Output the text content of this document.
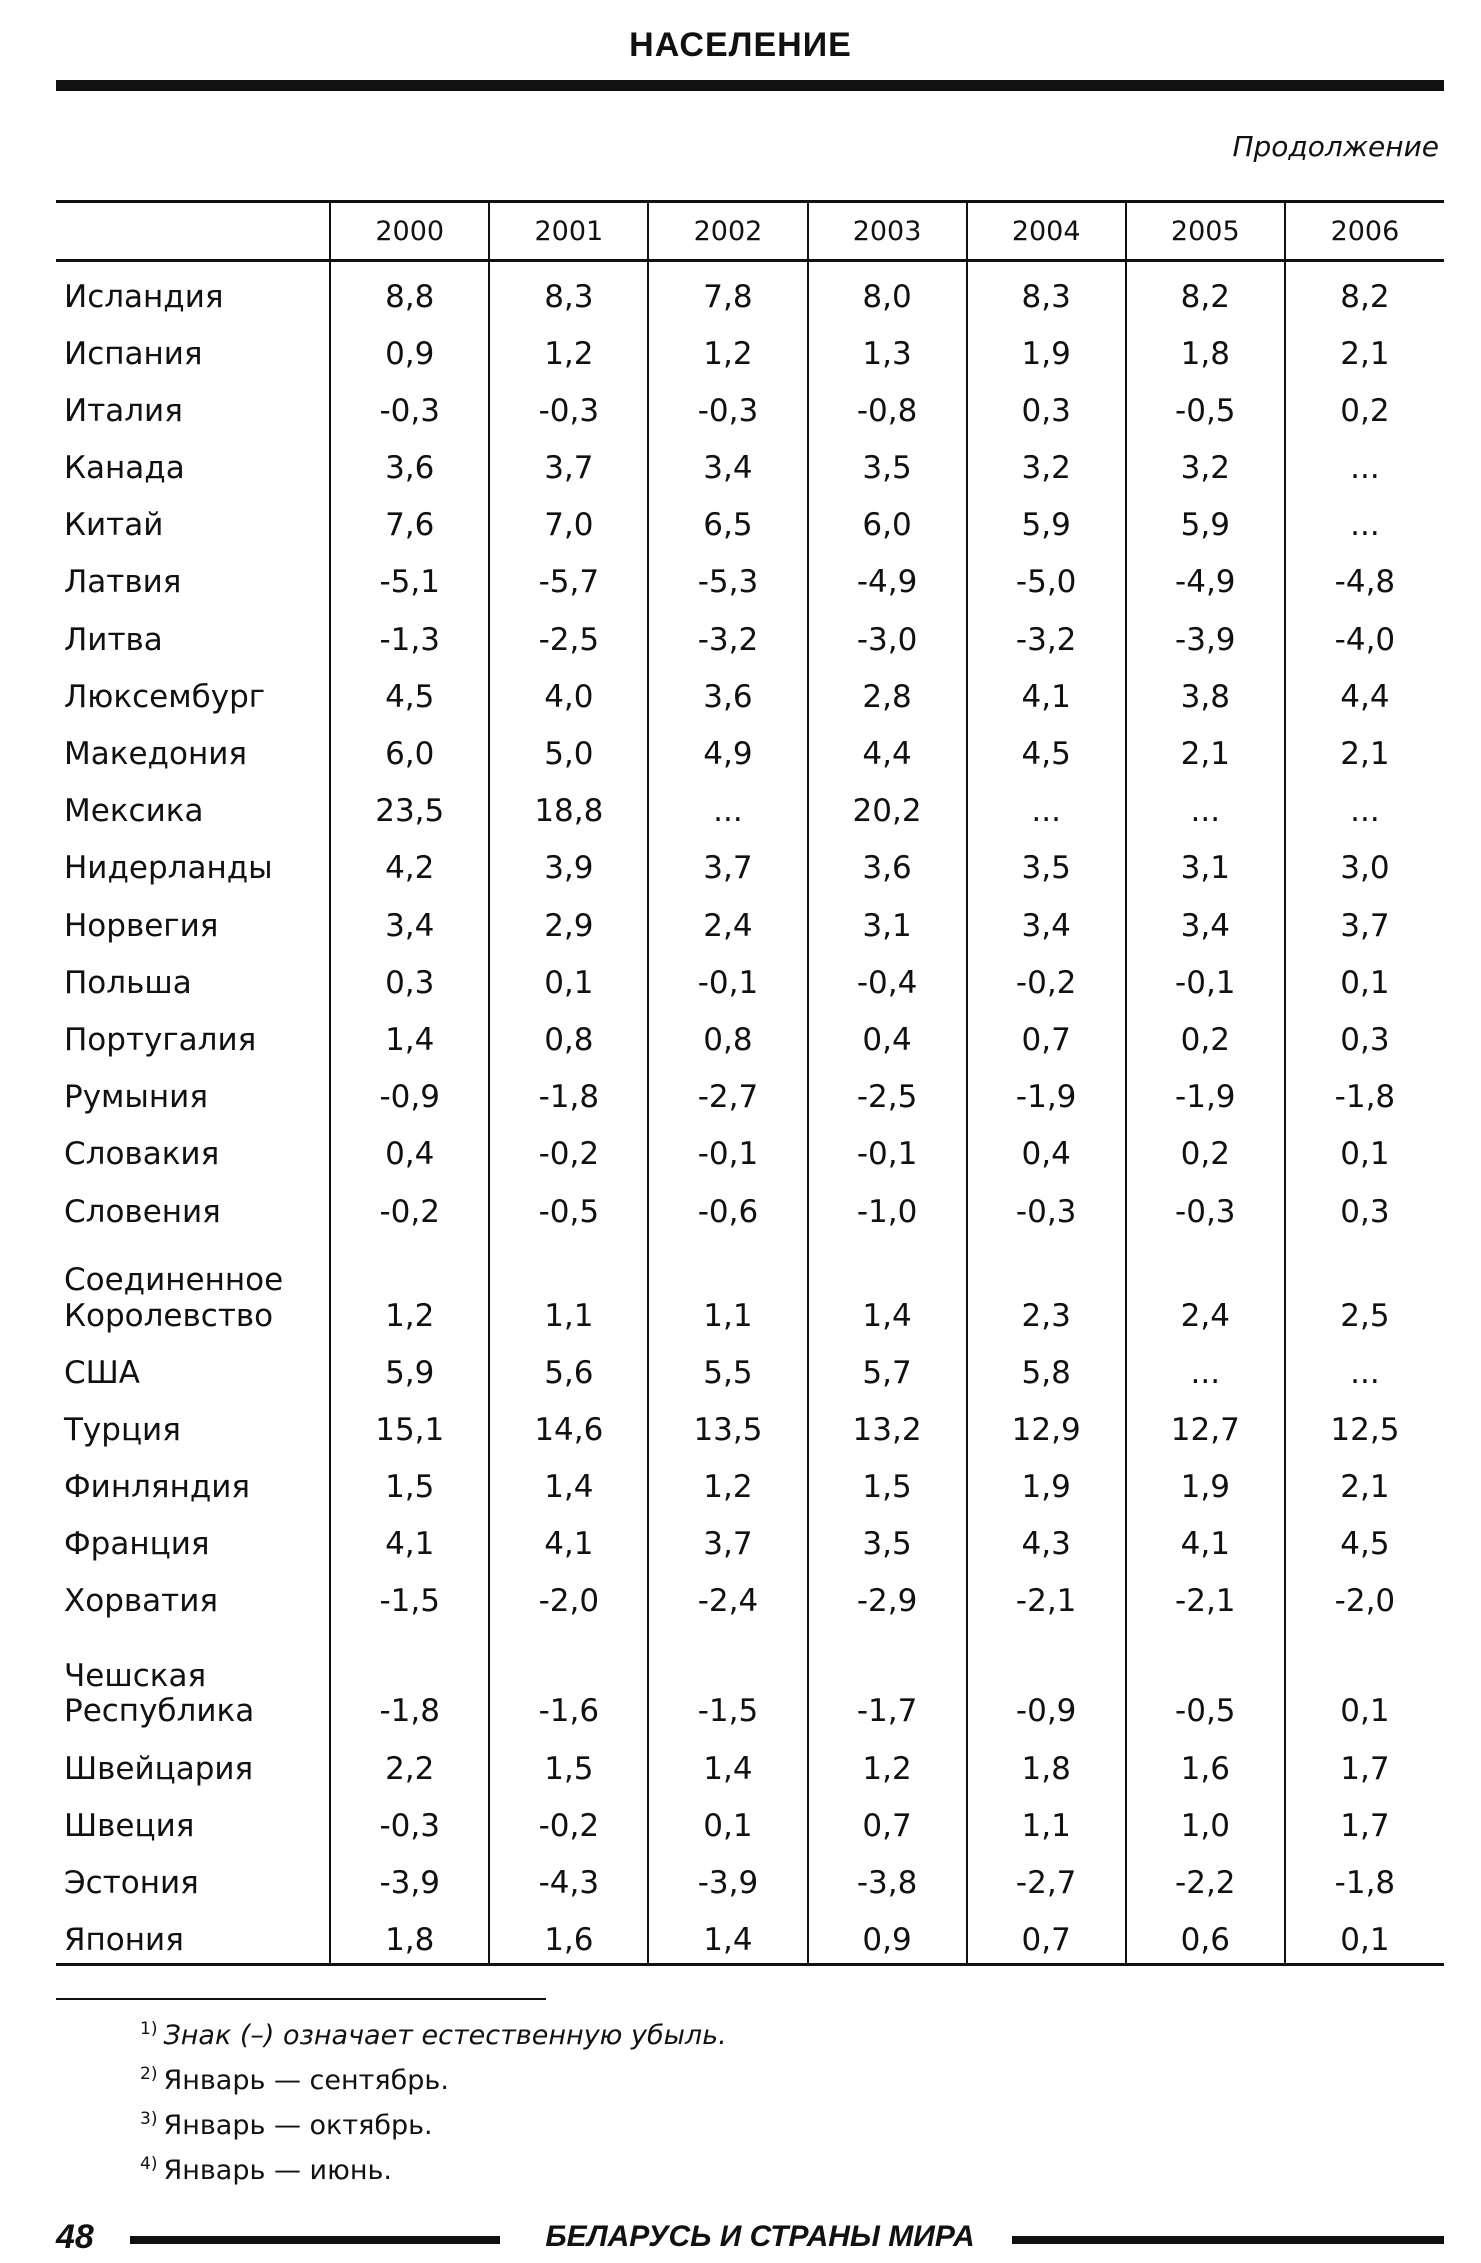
НАСЕЛЕНИЕ
Продолжение
	2000	2001	2002	2003	2004	2005	2006
Исландия	8,8	8,3	7,8	8,0	8,3	8,2	8,2
Испания	0,9	1,2	1,2	1,3	1,9	1,8	2,1
Италия	-0,3	-0,3	-0,3	-0,8	0,3	-0,5	0,2
Канада	3,6	3,7	3,4	3,5	3,2	3,2	...
Китай	7,6	7,0	6,5	6,0	5,9	5,9	...
Латвия	-5,1	-5,7	-5,3	-4,9	-5,0	-4,9	-4,8
Литва	-1,3	-2,5	-3,2	-3,0	-3,2	-3,9	-4,0
Люксембург	4,5	4,0	3,6	2,8	4,1	3,8	4,4
Македония	6,0	5,0	4,9	4,4	4,5	2,1	2,1
Мексика	23,5	18,8	...	20,2	...	...	...
Нидерланды	4,2	3,9	3,7	3,6	3,5	3,1	3,0
Норвегия	3,4	2,9	2,4	3,1	3,4	3,4	3,7
Польша	0,3	0,1	-0,1	-0,4	-0,2	-0,1	0,1
Португалия	1,4	0,8	0,8	0,4	0,7	0,2	0,3
Румыния	-0,9	-1,8	-2,7	-2,5	-1,9	-1,9	-1,8
Словакия	0,4	-0,2	-0,1	-0,1	0,4	0,2	0,1
Словения	-0,2	-0,5	-0,6	-1,0	-0,3	-0,3	0,3
Соединенное
Королевство	1,2	1,1	1,1	1,4	2,3	2,4	2,5
США	5,9	5,6	5,5	5,7	5,8	...	...
Турция	15,1	14,6	13,5	13,2	12,9	12,7	12,5
Финляндия	1,5	1,4	1,2	1,5	1,9	1,9	2,1
Франция	4,1	4,1	3,7	3,5	4,3	4,1	4,5
Хорватия	-1,5	-2,0	-2,4	-2,9	-2,1	-2,1	-2,0
Чешская
Республика	-1,8	-1,6	-1,5	-1,7	-0,9	-0,5	0,1
Швейцария	2,2	1,5	1,4	1,2	1,8	1,6	1,7
Швеция	-0,3	-0,2	0,1	0,7	1,1	1,0	1,7
Эстония	-3,9	-4,3	-3,9	-3,8	-2,7	-2,2	-1,8
Япония	1,8	1,6	1,4	0,9	0,7	0,6	0,1
$^{1)}$ Знак (–) означает естественную убыль.
$^{2)}$ Январь — сентябрь.
$^{3)}$ Январь — октябрь.
$^{4)}$ Январь — июнь.
48	БЕЛАРУСЬ И СТРАНЫ МИРА
